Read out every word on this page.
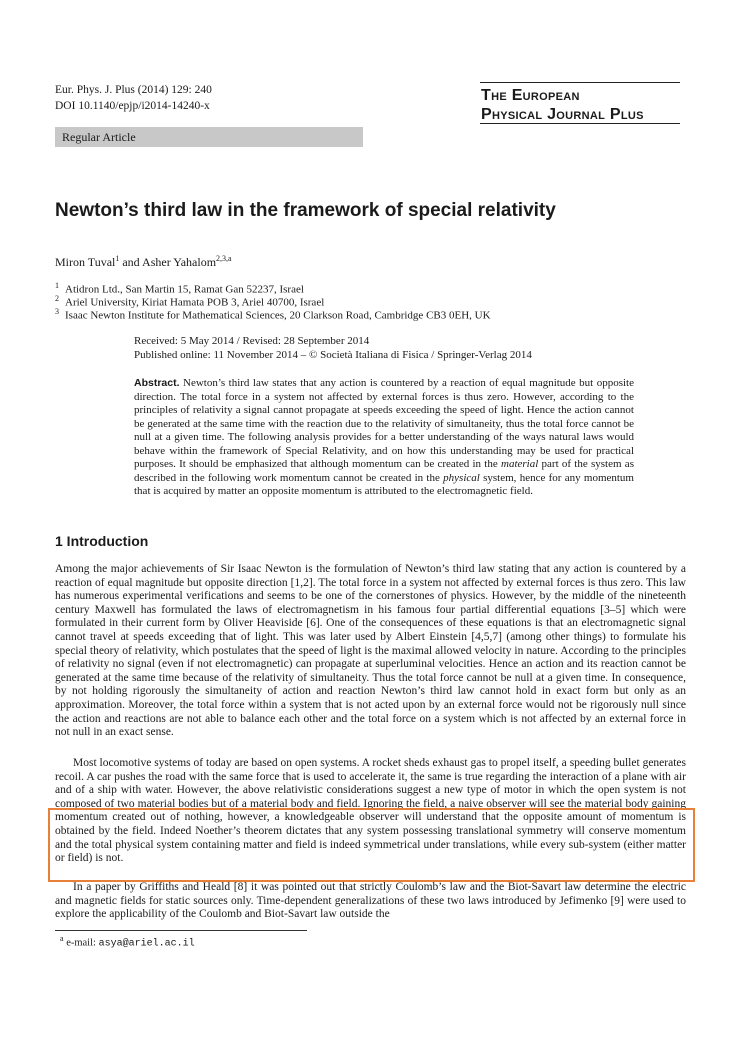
Eur. Phys. J. Plus (2014) 129: 240
DOI 10.1140/epjp/i2014-14240-x
The European
Physical Journal Plus
Regular Article
Newton’s third law in the framework of special relativity
Miron Tuval$^1$ and Asher Yahalom$^{2,3,a}$
$^1$ Atidron Ltd., San Martin 15, Ramat Gan 52237, Israel
$^2$ Ariel University, Kiriat Hamata POB 3, Ariel 40700, Israel
$^3$ Isaac Newton Institute for Mathematical Sciences, 20 Clarkson Road, Cambridge CB3 0EH, UK
Received: 5 May 2014 / Revised: 28 September 2014
Published online: 11 November 2014 – © Società Italiana di Fisica / Springer-Verlag 2014
Abstract. Newton’s third law states that any action is countered by a reaction of equal magnitude but opposite direction. The total force in a system not affected by external forces is thus zero. However, according to the principles of relativity a signal cannot propagate at speeds exceeding the speed of light. Hence the action cannot be generated at the same time with the reaction due to the relativity of simultaneity, thus the total force cannot be null at a given time. The following analysis provides for a better understanding of the ways natural laws would behave within the framework of Special Relativity, and on how this understanding may be used for practical purposes. It should be emphasized that although momentum can be created in the material part of the system as described in the following work momentum cannot be created in the physical system, hence for any momentum that is acquired by matter an opposite momentum is attributed to the electromagnetic field.
1 Introduction
Among the major achievements of Sir Isaac Newton is the formulation of Newton’s third law stating that any action is countered by a reaction of equal magnitude but opposite direction [1,2]. The total force in a system not affected by external forces is thus zero. This law has numerous experimental verifications and seems to be one of the cornerstones of physics. However, by the middle of the nineteenth century Maxwell has formulated the laws of electromagnetism in his famous four partial differential equations [3–5] which were formulated in their current form by Oliver Heaviside [6]. One of the consequences of these equations is that an electromagnetic signal cannot travel at speeds exceeding that of light. This was later used by Albert Einstein [4,5,7] (among other things) to formulate his special theory of relativity, which postulates that the speed of light is the maximal allowed velocity in nature. According to the principles of relativity no signal (even if not electromagnetic) can propagate at superluminal velocities. Hence an action and its reaction cannot be generated at the same time because of the relativity of simultaneity. Thus the total force cannot be null at a given time. In consequence, by not holding rigorously the simultaneity of action and reaction Newton’s third law cannot hold in exact form but only as an approximation. Moreover, the total force within a system that is not acted upon by an external force would not be rigorously null since the action and reactions are not able to balance each other and the total force on a system which is not affected by an external force in not null in an exact sense.
Most locomotive systems of today are based on open systems. A rocket sheds exhaust gas to propel itself, a speeding bullet generates recoil. A car pushes the road with the same force that is used to accelerate it, the same is true regarding the interaction of a plane with air and of a ship with water. However, the above relativistic considerations suggest a new type of motor in which the open system is not composed of two material bodies but of a material body and field. Ignoring the field, a naive observer will see the material body gaining momentum created out of nothing, however, a knowledgeable observer will understand that the opposite amount of momentum is obtained by the field. Indeed Noether’s theorem dictates that any system possessing translational symmetry will conserve momentum and the total physical system containing matter and field is indeed symmetrical under translations, while every sub-system (either matter or field) is not.
In a paper by Griffiths and Heald [8] it was pointed out that strictly Coulomb’s law and the Biot-Savart law determine the electric and magnetic fields for static sources only. Time-dependent generalizations of these two laws introduced by Jefimenko [9] were used to explore the applicability of the Coulomb and Biot-Savart law outside the
$^a$ e-mail: asya@ariel.ac.il
